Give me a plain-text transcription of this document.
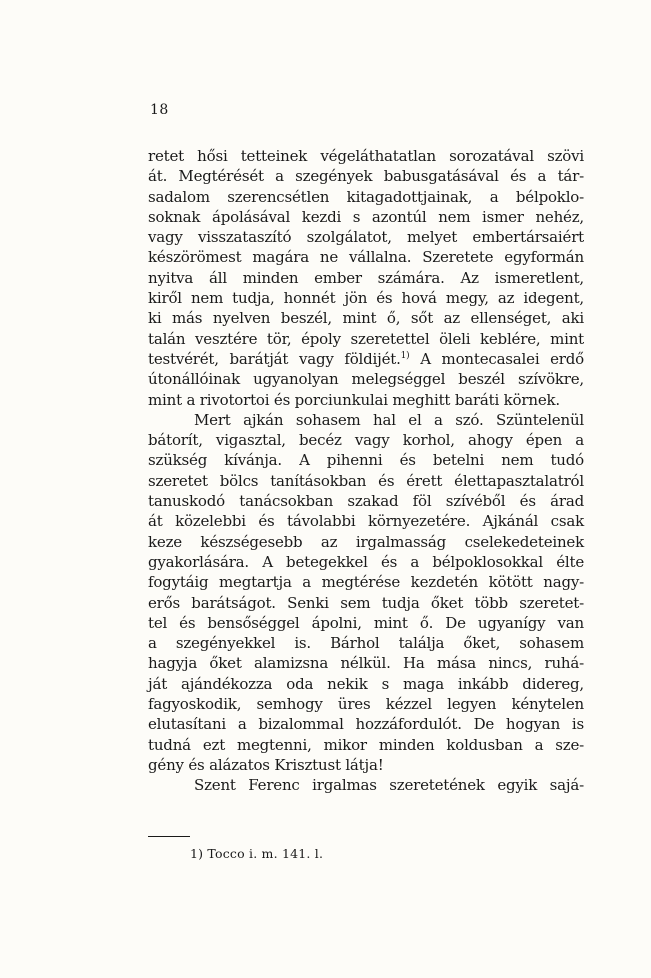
18
retet hősi tetteinek végeláthatatlan sorozatával szövi
át. Megtérését a szegények babusgatásával és a tár-
sadalom szerencsétlen kitagadottjainak, a bélpoklo-
soknak ápolásával kezdi s azontúl nem ismer nehéz,
vagy visszataszító szolgálatot, melyet embertársaiért
készörömest magára ne vállalna. Szeretete egyformán
nyitva áll minden ember számára. Az ismeretlent,
kiről nem tudja, honnét jön és hová megy, az idegent,
ki más nyelven beszél, mint ő, sőt az ellenséget, aki
talán vesztére tör, époly szeretettel öleli keblére, mint
testvérét, barátját vagy földijét.$^{1)}$ A montecasalei erdő
útonállóinak ugyanolyan melegséggel beszél szívökre,
mint a rivotortoi és porciunkulai meghitt baráti körnek.
Mert ajkán sohasem hal el a szó. Szüntelenül
bátorít, vigasztal, becéz vagy korhol, ahogy épen a
szükség kívánja. A pihenni és betelni nem tudó
szeretet bölcs tanításokban és érett élettapasztalatról
tanuskodó tanácsokban szakad föl szívéből és árad
át közelebbi és távolabbi környezetére. Ajkánál csak
keze készségesebb az irgalmasság cselekedeteinek
gyakorlására. A betegekkel és a bélpoklosokkal élte
fogytáig megtartja a megtérése kezdetén kötött nagy-
erős barátságot. Senki sem tudja őket több szeretet-
tel és bensőséggel ápolni, mint ő. De ugyanígy van
a szegényekkel is. Bárhol találja őket, sohasem
hagyja őket alamizsna nélkül. Ha mása nincs, ruhá-
ját ajándékozza oda nekik s maga inkább didereg,
fagyoskodik, semhogy üres kézzel legyen kénytelen
elutasítani a bizalommal hozzáfordulót. De hogyan is
tudná ezt megtenni, mikor minden koldusban a sze-
gény és alázatos Krisztust látja!
Szent Ferenc irgalmas szeretetének egyik sajá-
1) Tocco i. m. 141. l.
